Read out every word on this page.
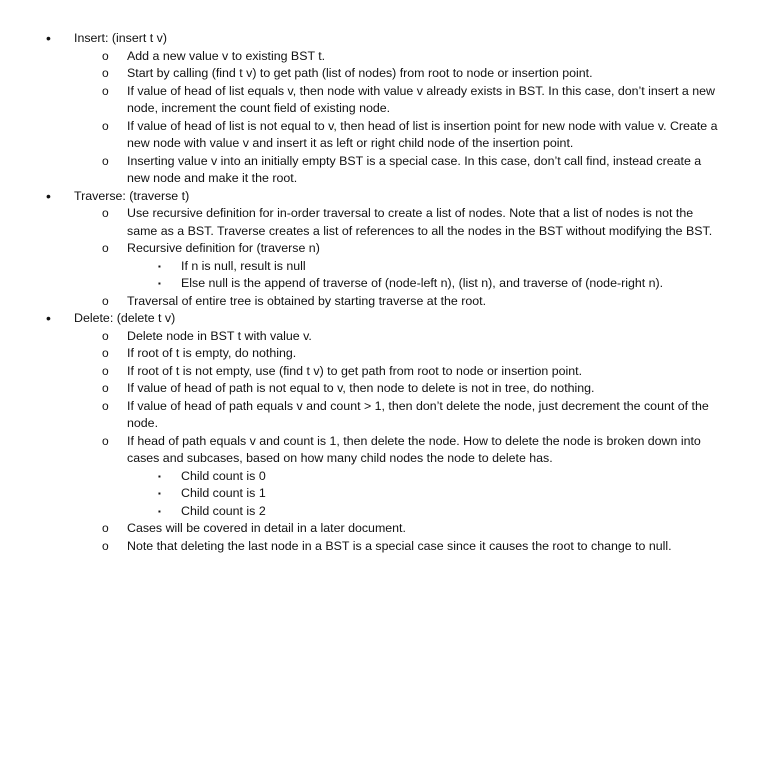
• Insert: (insert t v)
o Add a new value v to existing BST t.
o Start by calling (find t v) to get path (list of nodes) from root to node or insertion point.
o If value of head of list equals v, then node with value v already exists in BST. In this case, don’t insert a new node, increment the count field of existing node.
o If value of head of list is not equal to v, then head of list is insertion point for new node with value v. Create a new node with value v and insert it as left or right child node of the insertion point.
o Inserting value v into an initially empty BST is a special case. In this case, don’t call find, instead create a new node and make it the root.
• Traverse: (traverse t)
o Use recursive definition for in-order traversal to create a list of nodes. Note that a list of nodes is not the same as a BST. Traverse creates a list of references to all the nodes in the BST without modifying the BST.
o Recursive definition for (traverse n)
▪ If n is null, result is null
▪ Else null is the append of traverse of (node-left n), (list n), and traverse of (node-right n).
o Traversal of entire tree is obtained by starting traverse at the root.
• Delete: (delete t v)
o Delete node in BST t with value v.
o If root of t is empty, do nothing.
o If root of t is not empty, use (find t v) to get path from root to node or insertion point.
o If value of head of path is not equal to v, then node to delete is not in tree, do nothing.
o If value of head of path equals v and count > 1, then don’t delete the node, just decrement the count of the node.
o If head of path equals v and count is 1, then delete the node. How to delete the node is broken down into cases and subcases, based on how many child nodes the node to delete has.
▪ Child count is 0
▪ Child count is 1
▪ Child count is 2
o Cases will be covered in detail in a later document.
o Note that deleting the last node in a BST is a special case since it causes the root to change to null.
